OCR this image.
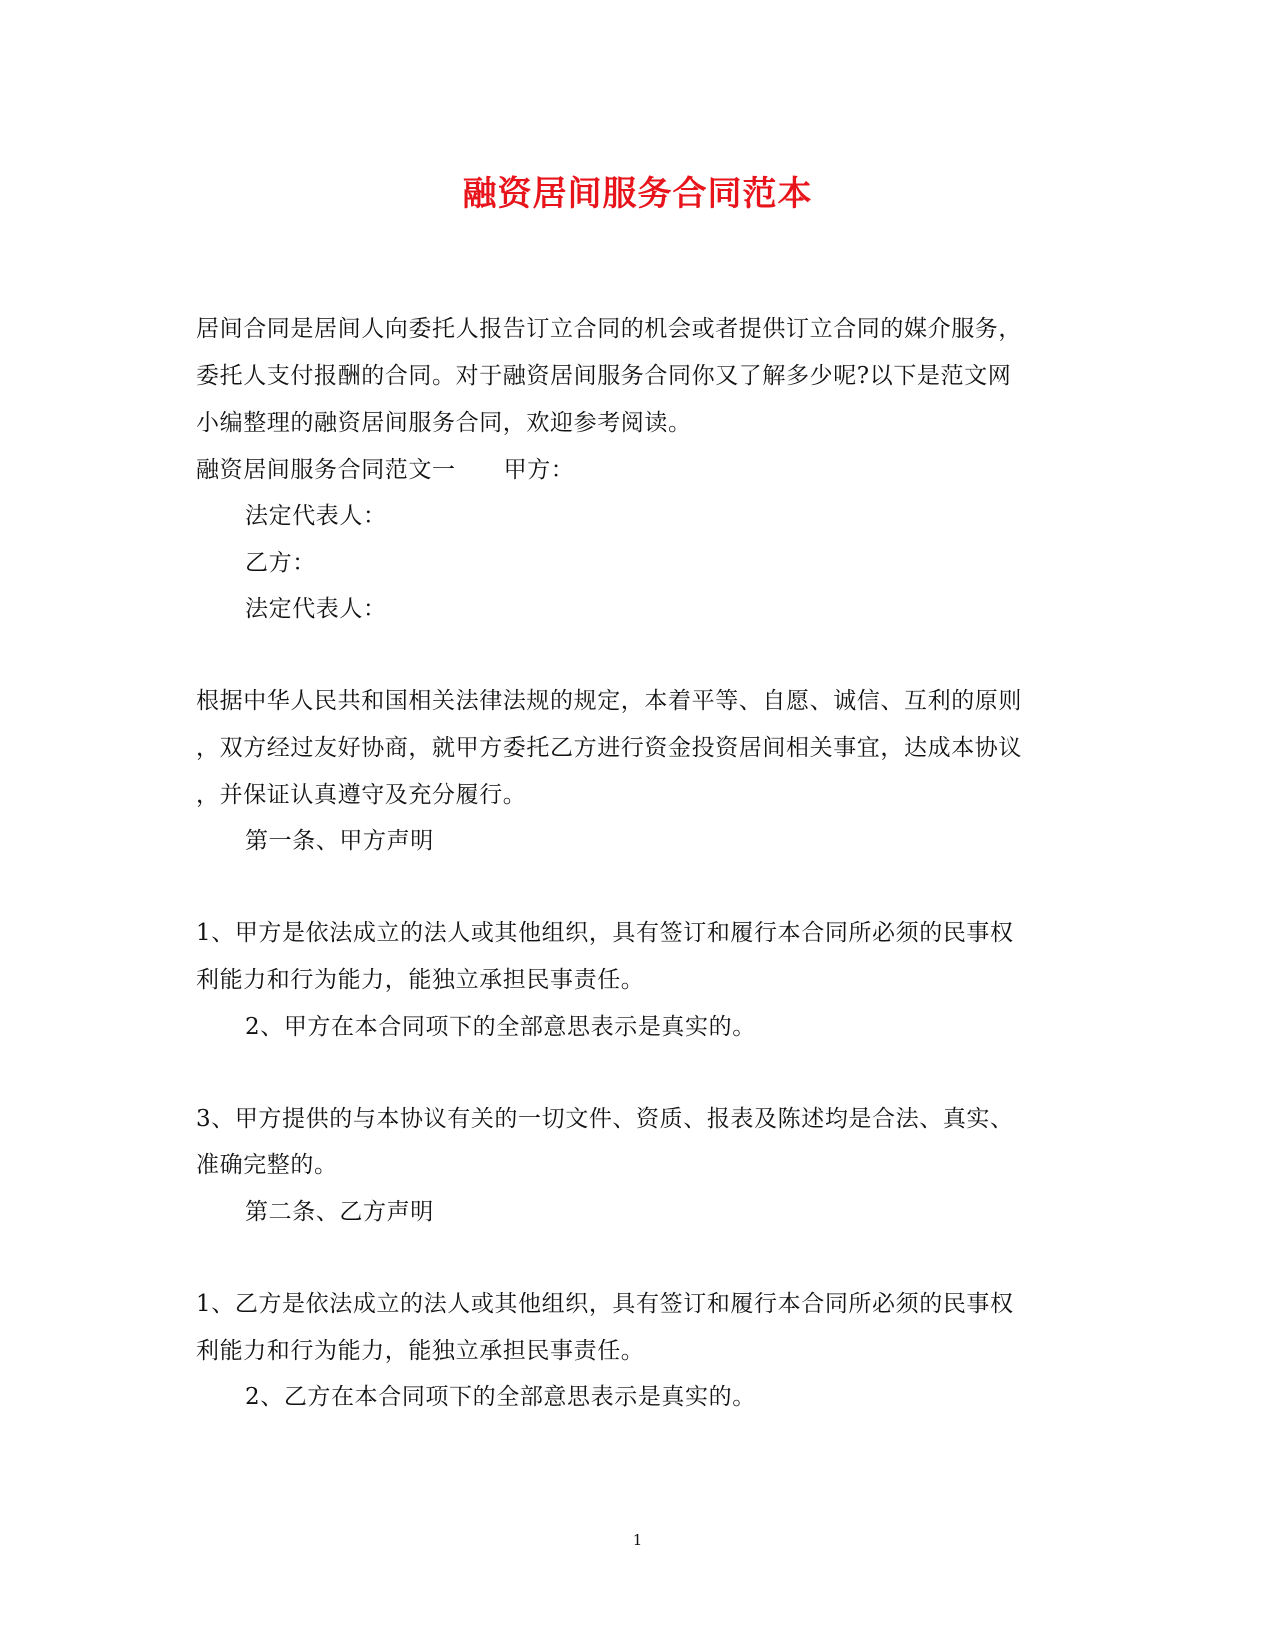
融资居间服务合同范本
居间合同是居间人向委托人报告订立合同的机会或者提供订立合同的媒介服务，
委托人支付报酬的合同。对于融资居间服务合同你又了解多少呢?以下是范文网
小编整理的融资居间服务合同，欢迎参考阅读。
融资居间服务合同范文一 甲方：
法定代表人：
乙方：
法定代表人：
根据中华人民共和国相关法律法规的规定，本着平等、自愿、诚信、互利的原则
，双方经过友好协商，就甲方委托乙方进行资金投资居间相关事宜，达成本协议
，并保证认真遵守及充分履行。
第一条、甲方声明
1、甲方是依法成立的法人或其他组织，具有签订和履行本合同所必须的民事权
利能力和行为能力，能独立承担民事责任。
2、甲方在本合同项下的全部意思表示是真实的。
3、甲方提供的与本协议有关的一切文件、资质、报表及陈述均是合法、真实、
准确完整的。
第二条、乙方声明
1、乙方是依法成立的法人或其他组织，具有签订和履行本合同所必须的民事权
利能力和行为能力，能独立承担民事责任。
2、乙方在本合同项下的全部意思表示是真实的。
1
